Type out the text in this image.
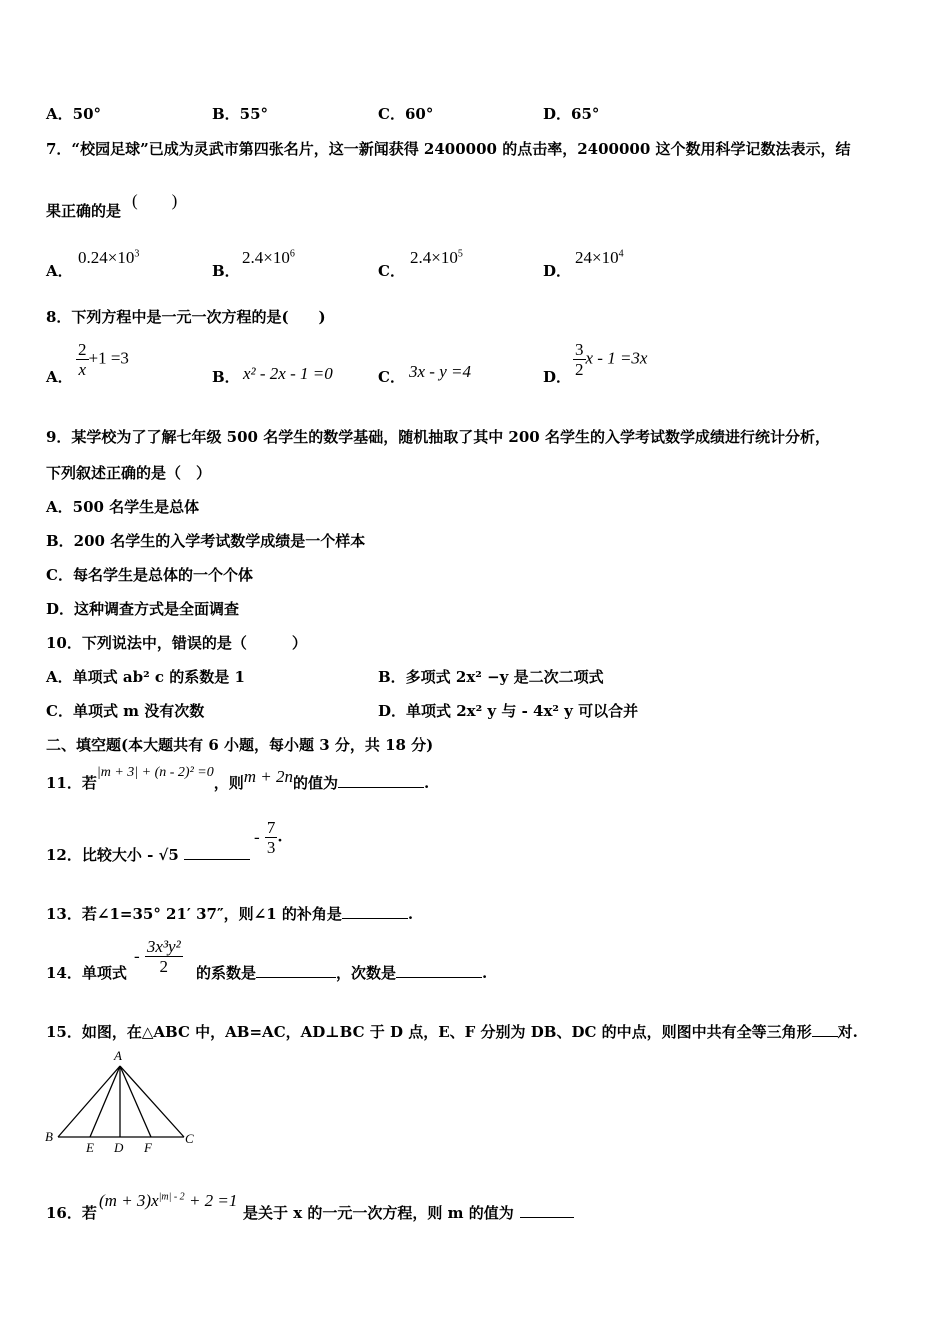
A．50°	B．55°	C．60°	D．65°
7．“校园足球”已成为灵武市第四张名片，这一新闻获得 2400000 的点击率，2400000 这个数用科学记数法表示，结
果正确的是
(　　)
A．
$0.24\times 10^3$
B．
$2.4\times 10^6$
C．
$2.4\times 10^5$
D．
$24\times 10^4$
8．下列方程中是一元一次方程的是(　　)
A． $\frac{2}{x} +1 =3$
B． x² - 2x - 1 =0	C． 3x - y =4	D． $\frac{3}{2}$ x - 1 =3x
9．某学校为了了解七年级 500 名学生的数学基础，随机抽取了其中 200 名学生的入学考试数学成绩进行统计分析，
下列叙述正确的是（　）
A．500 名学生是总体
B．200 名学生的入学考试数学成绩是一个样本
C．每名学生是总体的一个个体
D．这种调查方式是全面调查
10．下列说法中，错误的是（　　　）
A．单项式 ab² c 的系数是 1	B．多项式 2x² −y 是二次二项式
C．单项式 m 没有次数	D．单项式 2x² y 与 - 4x² y 可以合并
二、填空题(本大题共有 6 小题，每小题 3 分，共 18 分)
11．若|m + 3| + (n - 2)² =0，则m + 2n的值为	.
12．比较大小 - √5
- $\frac{7}{3}$ .
13．若∠1=35° 21′ 37″，则∠1 的补角是	.
14．单项式
- $\frac{\text{3x³y²}}{2}$ 的系数是	，次数是	.
15．如图，在△ABC 中，AB=AC，AD⊥BC 于 D 点，E、F 分别为 DB、DC 的中点，则图中共有全等三角形 对.
A
B	C
D
E	F
16．若
$(m + 3)x^{|m| - 2} + 2 =1$
是关于 x 的一元一次方程，则 m 的值为
